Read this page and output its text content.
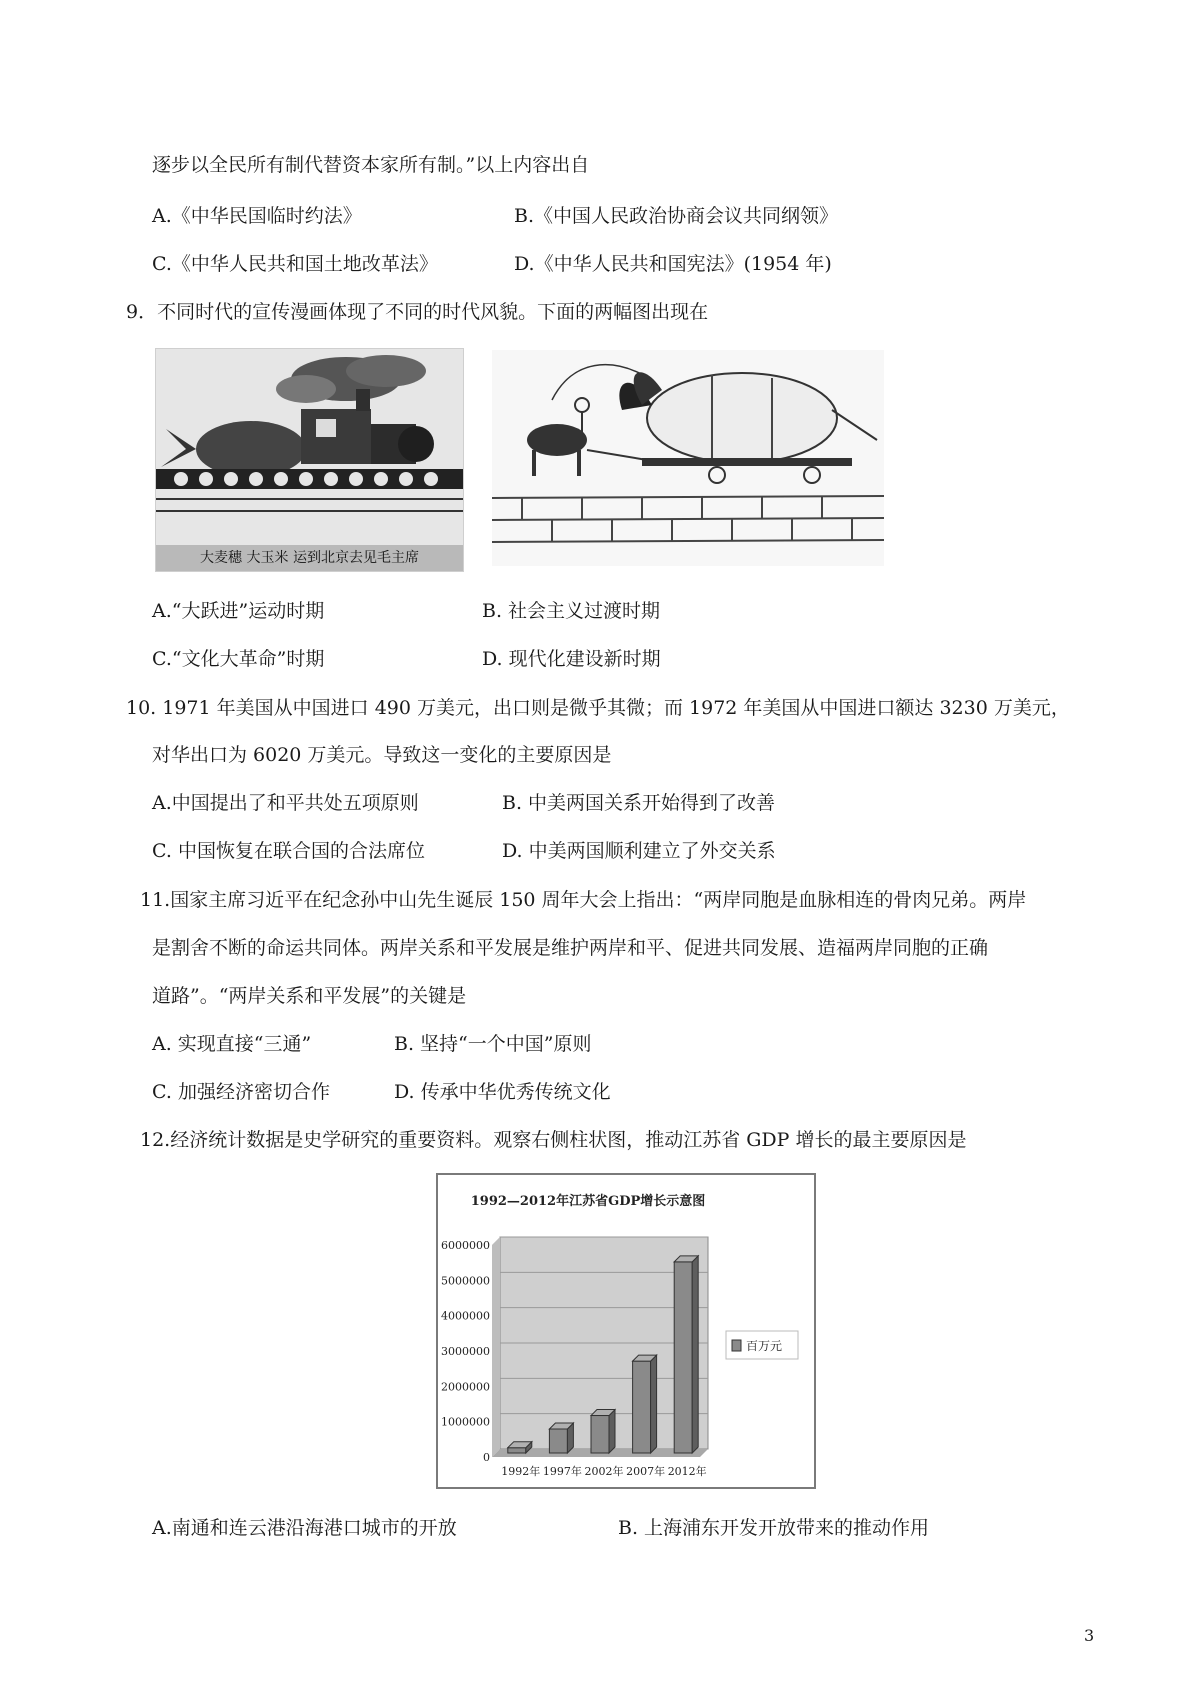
逐步以全民所有制代替资本家所有制。”以上内容出自
A.《中华民国临时约法》	B.《中国人民政治协商会议共同纲领》
C.《中华人民共和国土地改革法》	D.《中华人民共和国宪法》(1954 年)
9．不同时代的宣传漫画体现了不同的时代风貌。下面的两幅图出现在
大麦穗 大玉米 运到北京去见毛主席
A.“大跃进”运动时期	B. 社会主义过渡时期
C.“文化大革命”时期	D. 现代化建设新时期
10. 1971 年美国从中国进口 490 万美元，出口则是微乎其微；而 1972 年美国从中国进口额达 3230 万美元，
对华出口为 6020 万美元。导致这一变化的主要原因是
A.中国提出了和平共处五项原则	B. 中美两国关系开始得到了改善
C. 中国恢复在联合国的合法席位	D. 中美两国顺利建立了外交关系
11.国家主席习近平在纪念孙中山先生诞辰 150 周年大会上指出：“两岸同胞是血脉相连的骨肉兄弟。两岸
是割舍不断的命运共同体。两岸关系和平发展是维护两岸和平、促进共同发展、造福两岸同胞的正确
道路”。“两岸关系和平发展”的关键是
A. 实现直接“三通”	B. 坚持“一个中国”原则
C. 加强经济密切合作	D. 传承中华优秀传统文化
12.经济统计数据是史学研究的重要资料。观察右侧柱状图，推动江苏省 GDP 增长的最主要原因是
1992—2012年江苏省GDP增长示意图
0
1000000
2000000
3000000
4000000
5000000
6000000
1992年 1997年 2002年 2007年 2012年
百万元
A.南通和连云港沿海港口城市的开放	B. 上海浦东开发开放带来的推动作用
3
